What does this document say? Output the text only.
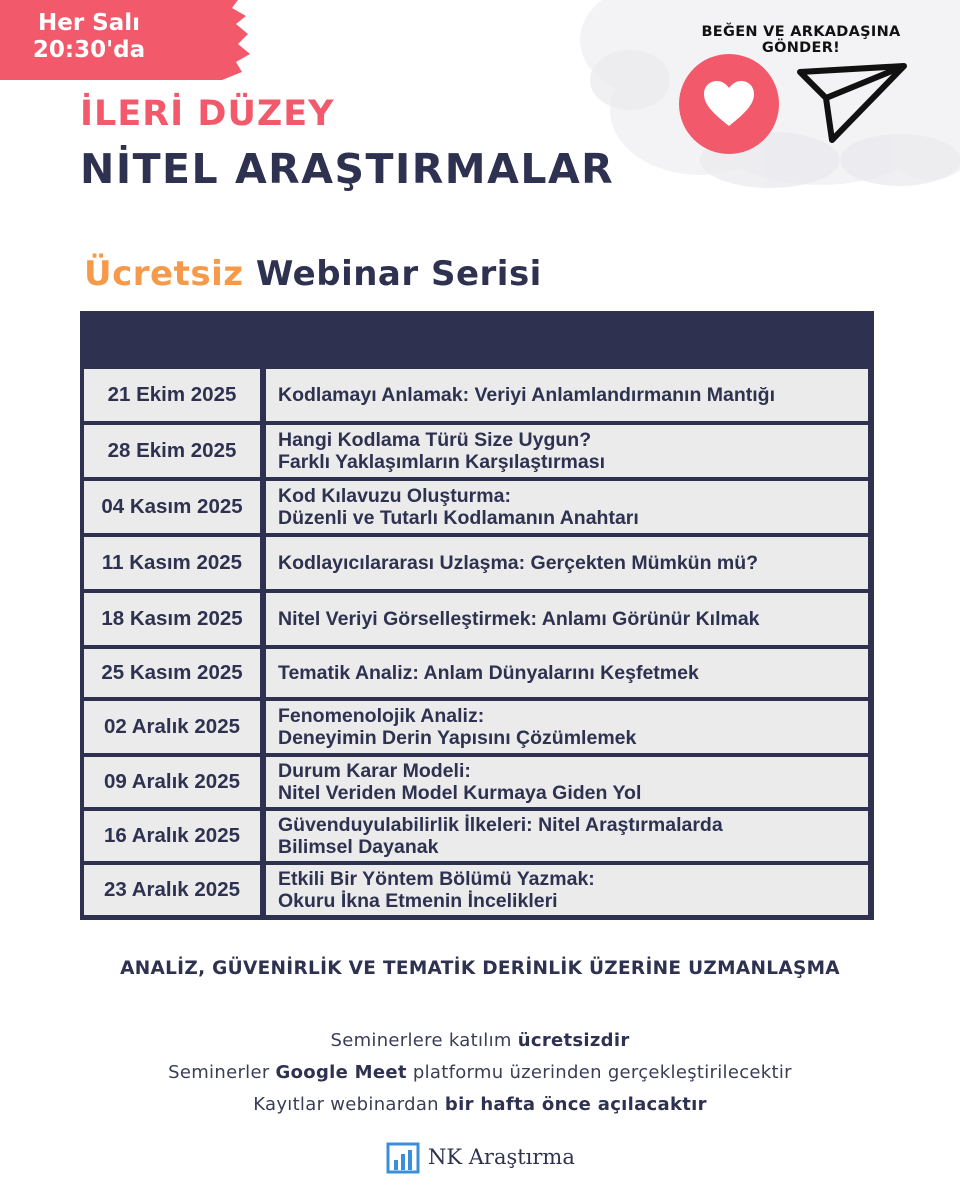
Her Salı
20:30'da
BEĞEN VE ARKADAŞINA GÖNDER!
İLERİ DÜZEY
NİTEL ARAŞTIRMALAR
Ücretsiz Webinar Serisi
21 Ekim 2025	Kodlamayı Anlamak: Veriyi Anlamlandırmanın Mantığı
28 Ekim 2025	Hangi Kodlama Türü Size Uygun?
Farklı Yaklaşımların Karşılaştırması
04 Kasım 2025	Kod Kılavuzu Oluşturma:
Düzenli ve Tutarlı Kodlamanın Anahtarı
11 Kasım 2025	Kodlayıcılararası Uzlaşma: Gerçekten Mümkün mü?
18 Kasım 2025	Nitel Veriyi Görselleştirmek: Anlamı Görünür Kılmak
25 Kasım 2025	Tematik Analiz: Anlam Dünyalarını Keşfetmek
02 Aralık 2025	Fenomenolojik Analiz:
Deneyimin Derin Yapısını Çözümlemek
09 Aralık 2025	Durum Karar Modeli:
Nitel Veriden Model Kurmaya Giden Yol
16 Aralık 2025	Güvenduyulabilirlik İlkeleri: Nitel Araştırmalarda
Bilimsel Dayanak
23 Aralık 2025	Etkili Bir Yöntem Bölümü Yazmak:
Okuru İkna Etmenin İncelikleri
ANALİZ, GÜVENİRLİK VE TEMATİK DERİNLİK ÜZERİNE UZMANLAŞMA
Seminerlere katılım ücretsizdir
Seminerler Google Meet platformu üzerinden gerçekleştirilecektir
Kayıtlar webinardan bir hafta önce açılacaktır
NK Araştırma
